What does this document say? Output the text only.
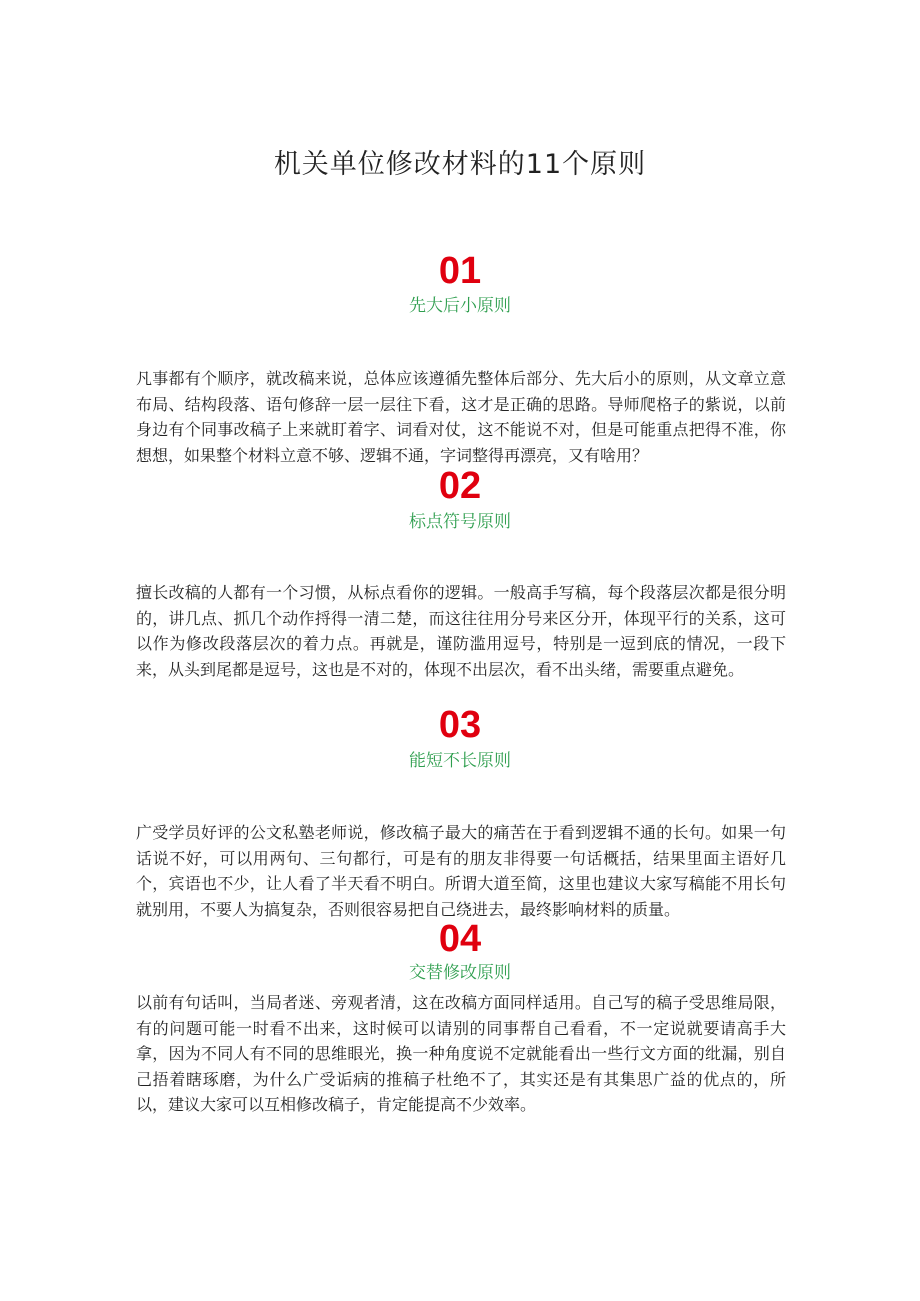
机关单位修改材料的11个原则
01
先大后小原则
凡事都有个顺序，就改稿来说，总体应该遵循先整体后部分、先大后小的原则，从文章立意布局、结构段落、语句修辞一层一层往下看，这才是正确的思路。导师爬格子的紫说，以前身边有个同事改稿子上来就盯着字、词看对仗，这不能说不对，但是可能重点把得不准，你想想，如果整个材料立意不够、逻辑不通，字词整得再漂亮，又有啥用？
02
标点符号原则
擅长改稿的人都有一个习惯，从标点看你的逻辑。一般高手写稿，每个段落层次都是很分明的，讲几点、抓几个动作捋得一清二楚，而这往往用分号来区分开，体现平行的关系，这可以作为修改段落层次的着力点。再就是，谨防滥用逗号，特别是一逗到底的情况，一段下来，从头到尾都是逗号，这也是不对的，体现不出层次，看不出头绪，需要重点避免。
03
能短不长原则
广受学员好评的公文私塾老师说，修改稿子最大的痛苦在于看到逻辑不通的长句。如果一句话说不好，可以用两句、三句都行，可是有的朋友非得要一句话概括，结果里面主语好几个，宾语也不少，让人看了半天看不明白。所谓大道至简，这里也建议大家写稿能不用长句就别用，不要人为搞复杂，否则很容易把自己绕进去，最终影响材料的质量。
04
交替修改原则
以前有句话叫，当局者迷、旁观者清，这在改稿方面同样适用。自己写的稿子受思维局限，有的问题可能一时看不出来，这时候可以请别的同事帮自己看看，不一定说就要请高手大拿，因为不同人有不同的思维眼光，换一种角度说不定就能看出一些行文方面的纰漏，别自己捂着瞎琢磨，为什么广受诟病的推稿子杜绝不了，其实还是有其集思广益的优点的，所以，建议大家可以互相修改稿子，肯定能提高不少效率。
